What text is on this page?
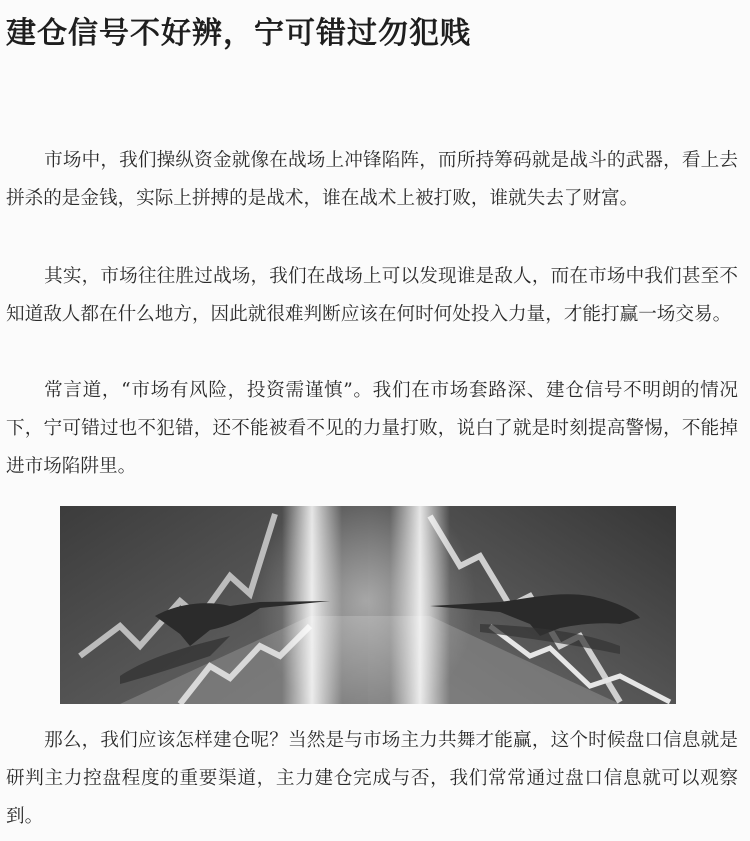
建仓信号不好辨，宁可错过勿犯贱

市场中，我们操纵资金就像在战场上冲锋陷阵，而所持筹码就是战斗的武器，看上去拼杀的是金钱，实际上拼搏的是战术，谁在战术上被打败，谁就失去了财富。

其实，市场往往胜过战场，我们在战场上可以发现谁是敌人，而在市场中我们甚至不知道敌人都在什么地方，因此就很难判断应该在何时何处投入力量，才能打赢一场交易。

常言道，“市场有风险，投资需谨慎”。我们在市场套路深、建仓信号不明朗的情况下，宁可错过也不犯错，还不能被看不见的力量打败，说白了就是时刻提高警惕，不能掉进市场陷阱里。

那么，我们应该怎样建仓呢？当然是与市场主力共舞才能赢，这个时候盘口信息就是研判主力控盘程度的重要渠道，主力建仓完成与否，我们常常通过盘口信息就可以观察到。
